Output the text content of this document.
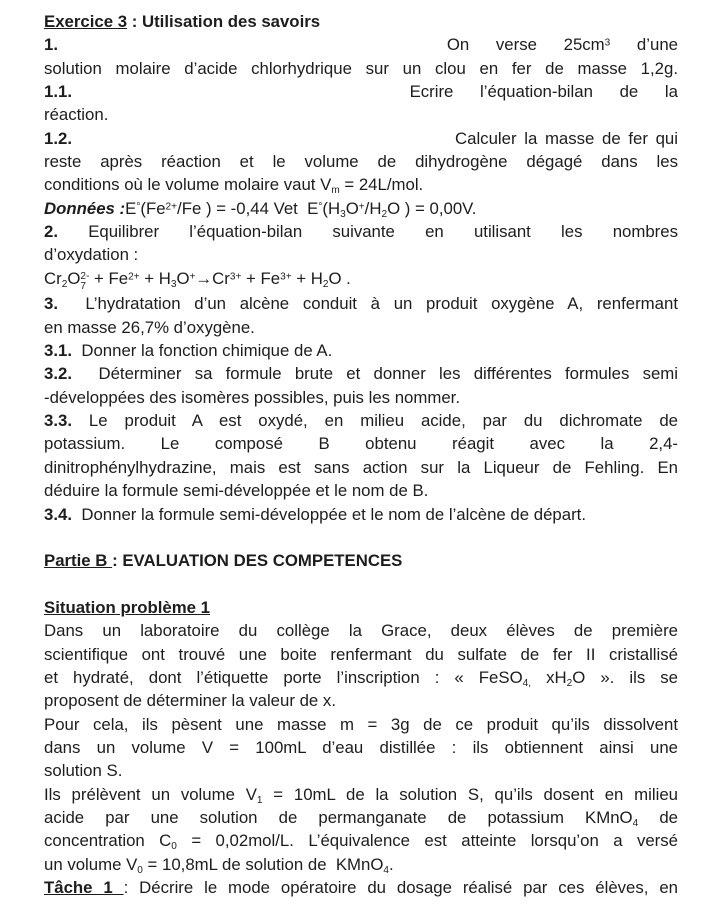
Exercice 3 : Utilisation des savoirs
1.	On verse $25cm^3$ d’une
solution molaire d’acide chlorhydrique sur un clou en fer de masse 1,2g.
1.1.	Ecrire l’équation-bilan de la
réaction.
1.2.	Calculer la masse de fer qui
reste après réaction et le volume de dihydrogène dégagé dans les
conditions où le volume molaire vaut $V_m = 24L/mol$.
Données $:E^\circ(Fe^{2+}/Fe$ ) = -0,44 Vet  $E^\circ(H_3O^+/H_2O$ ) = 0,00V.
2. Equilibrer l’équation-bilan suivante en utilisant les nombres
d’oxydation :
$Cr_2O$ 2-
$7 + Fe^{2+} + H_3O^+\to Cr^{3+} + Fe^{3+} + H_2O$ .
3.  L’hydratation d’un alcène conduit à un produit oxygène A, renfermant
en masse 26,7% d’oxygène.
3.1.  Donner la fonction chimique de A.
3.2.  Déterminer sa formule brute et donner les différentes formules semi
-développées des isomères possibles, puis les nommer.
3.3. Le produit A est oxydé, en milieu acide, par du dichromate de
potassium. Le composé B obtenu réagit avec la 2,4-
dinitrophénylhydrazine, mais est sans action sur la Liqueur de Fehling. En
déduire la formule semi-développée et le nom de B.
3.4.  Donner la formule semi-développée et le nom de l’alcène de départ.
Partie B : EVALUATION DES COMPETENCES
Situation problème 1
Dans un laboratoire du collège la Grace, deux élèves de première
scientifique ont trouvé une boite renfermant du sulfate de fer II cristallisé
et hydraté, dont l’étiquette porte l’inscription : « FeSO$_{4,}$ $xH_2O$ ». ils se
proposent de déterminer la valeur de x.
Pour cela, ils pèsent une masse m = 3g de ce produit qu’ils dissolvent
dans un volume V = 100mL d’eau distillée : ils obtiennent ainsi une
solution S.
Ils prélèvent un volume $V_1 = 10mL$ de la solution S, qu’ils dosent en milieu
acide par une solution de permanganate de potassium KMnO$_4$ de
concentration $C_0 = 0,02mol/L$. L’équivalence est atteinte lorsqu’on a versé
un volume $V_0 = 10,8mL$ de solution de  KMnO$_4$.
Tâche 1 : Décrire le mode opératoire du dosage réalisé par ces élèves, en
